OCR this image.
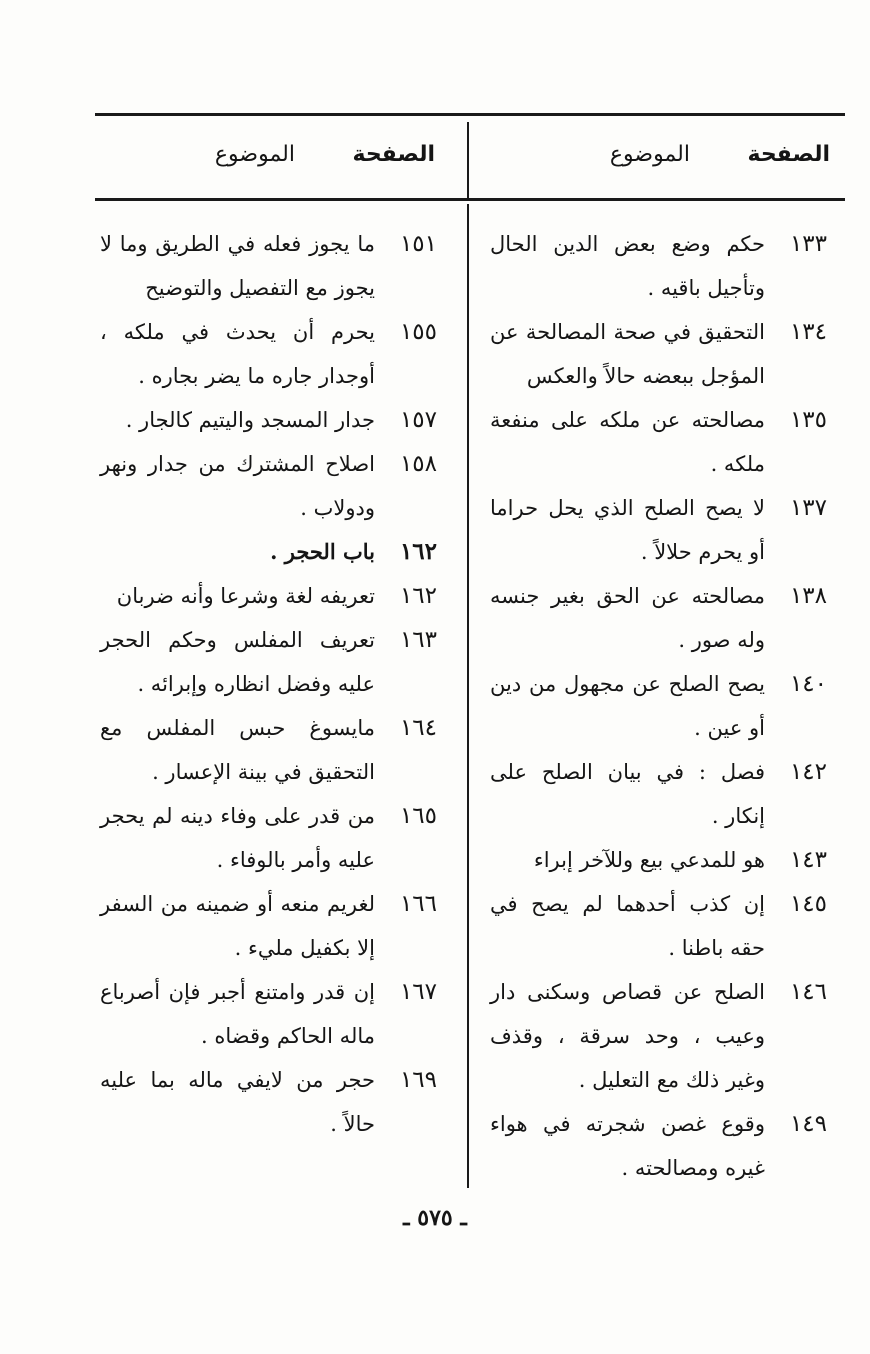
الصفحة
الموضوع
الصفحة
الموضوع
١٣٣
حكم وضع بعض الدين الحال وتأجيل باقيه .
١٣٤
التحقيق في صحة المصالحة عن المؤجل ببعضه حالاً والعكس
١٣٥
مصالحته عن ملكه على منفعة ملكه .
١٣٧
لا يصح الصلح الذي يحل حراما أو يحرم حلالاً .
١٣٨
مصالحته عن الحق بغير جنسه وله صور .
١٤٠
يصح الصلح عن مجهول من دين أو عين .
١٤٢
فصل : في بيان الصلح على إنكار .
١٤٣
هو للمدعي بيع وللآخر إبراء
١٤٥
إن كذب أحدهما لم يصح في حقه باطنا .
١٤٦
الصلح عن قصاص وسكنى دار وعيب ، وحد سرقة ، وقذف وغير ذلك مع التعليل .
١٤٩
وقوع غصن شجرته في هواء غيره ومصالحته .
١٥١
ما يجوز فعله في الطريق وما لا يجوز مع التفصيل والتوضيح
١٥٥
يحرم أن يحدث في ملكه ، أوجدار جاره ما يضر بجاره .
١٥٧
جدار المسجد واليتيم كالجار .
١٥٨
اصلاح المشترك من جدار ونهر ودولاب .
١٦٢
باب الحجر .
١٦٢
تعريفه لغة وشرعا وأنه ضربان
١٦٣
تعريف المفلس وحكم الحجر عليه وفضل انظاره وإبرائه .
١٦٤
مايسوغ حبس المفلس مع التحقيق في بينة الإعسار .
١٦٥
من قدر على وفاء دينه لم يحجر عليه وأمر بالوفاء .
١٦٦
لغريم منعه أو ضمينه من السفر إلا بكفيل مليء .
١٦٧
إن قدر وامتنع أجبر فإن أصرباع ماله الحاكم وقضاه .
١٦٩
حجر من لايفي ماله بما عليه حالاً .
ـ ٥٧٥ ـ
